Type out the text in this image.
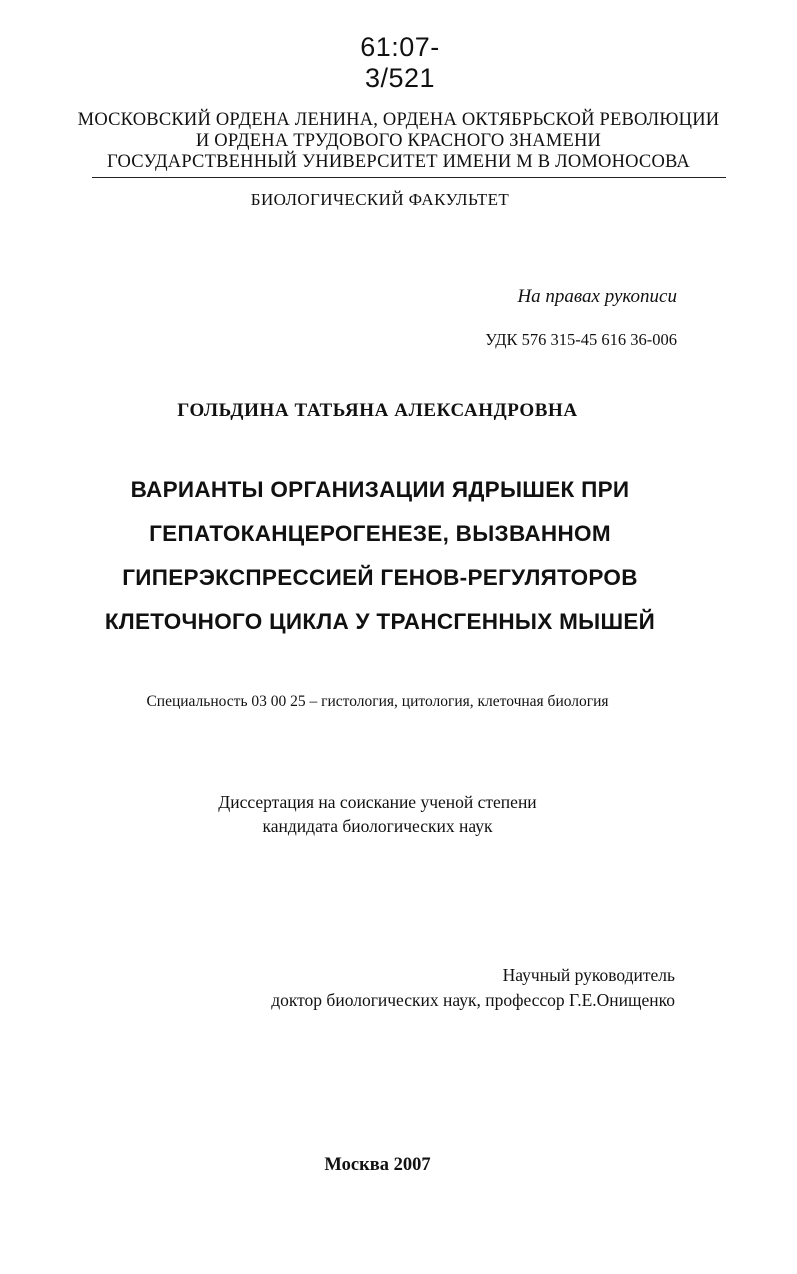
61:07-3/521
МОСКОВСКИЙ ОРДЕНА ЛЕНИНА, ОРДЕНА ОКТЯБРЬСКОЙ РЕВОЛЮЦИИ
И ОРДЕНА ТРУДОВОГО КРАСНОГО ЗНАМЕНИ
ГОСУДАРСТВЕННЫЙ УНИВЕРСИТЕТ ИМЕНИ М В ЛОМОНОСОВА
БИОЛОГИЧЕСКИЙ ФАКУЛЬТЕТ
На правах рукописи
УДК 576 315-45 616 36-006
ГОЛЬДИНА ТАТЬЯНА АЛЕКСАНДРОВНА
ВАРИАНТЫ ОРГАНИЗАЦИИ ЯДРЫШЕК ПРИ
ГЕПАТОКАНЦЕРОГЕНЕЗЕ, ВЫЗВАННОМ
ГИПЕРЭКСПРЕССИЕЙ ГЕНОВ-РЕГУЛЯТОРОВ
КЛЕТОЧНОГО ЦИКЛА У ТРАНСГЕННЫХ МЫШЕЙ
Специальность 03 00 25 – гистология, цитология, клеточная биология
Диссертация на соискание ученой степени
кандидата биологических наук
Научный руководитель
доктор биологических наук, профессор Г.Е.Онищенко
Москва 2007
